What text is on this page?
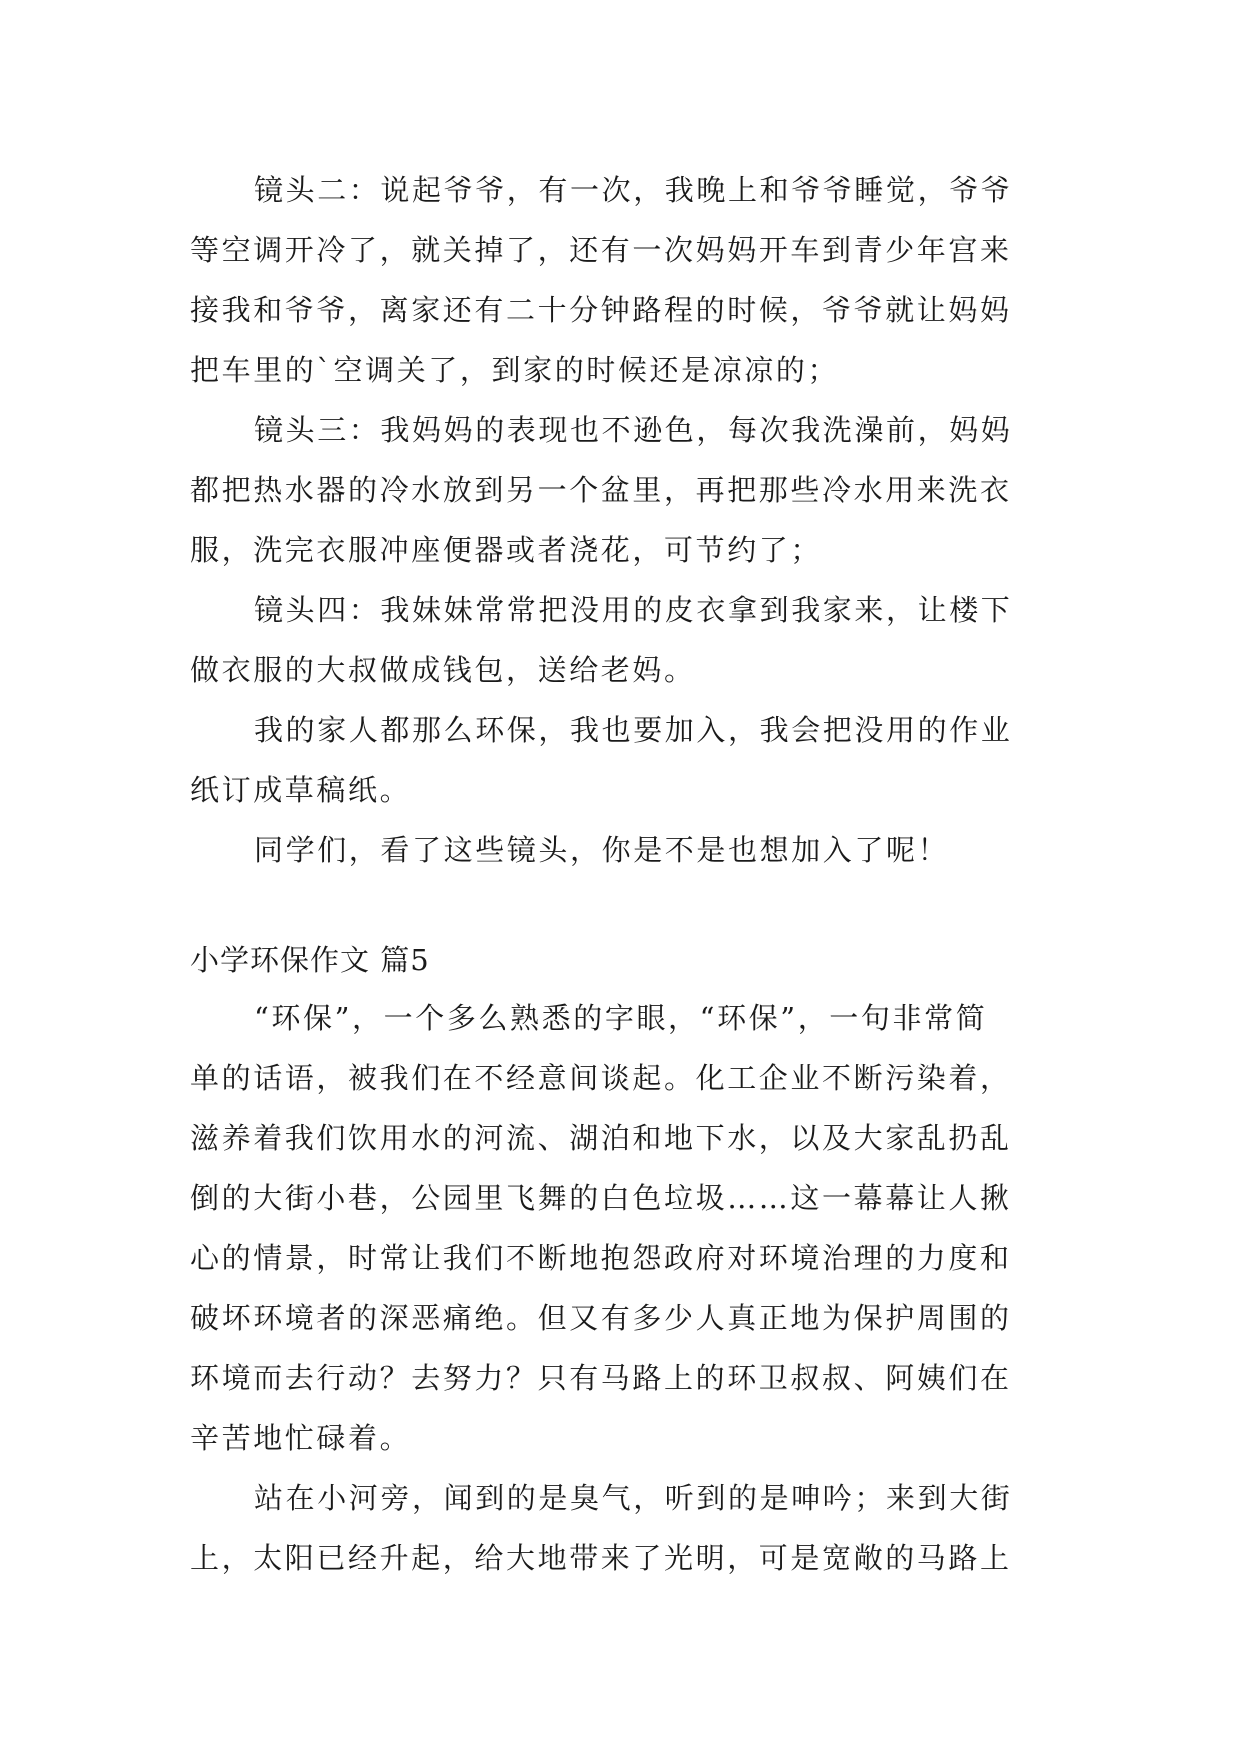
镜头二：说起爷爷，有一次，我晚上和爷爷睡觉，爷爷
等空调开冷了，就关掉了，还有一次妈妈开车到青少年宫来
接我和爷爷，离家还有二十分钟路程的时候，爷爷就让妈妈
把车里的`空调关了，到家的时候还是凉凉的；
镜头三：我妈妈的表现也不逊色，每次我洗澡前，妈妈
都把热水器的冷水放到另一个盆里，再把那些冷水用来洗衣
服，洗完衣服冲座便器或者浇花，可节约了；
镜头四：我妹妹常常把没用的皮衣拿到我家来，让楼下
做衣服的大叔做成钱包，送给老妈。
我的家人都那么环保，我也要加入，我会把没用的作业
纸订成草稿纸。
同学们，看了这些镜头，你是不是也想加入了呢！
小学环保作文 篇5
“环保”，一个多么熟悉的字眼，“环保”，一句非常简
单的话语，被我们在不经意间谈起。化工企业不断污染着，
滋养着我们饮用水的河流、湖泊和地下水，以及大家乱扔乱
倒的大街小巷，公园里飞舞的白色垃圾……这一幕幕让人揪
心的情景，时常让我们不断地抱怨政府对环境治理的力度和
破坏环境者的深恶痛绝。但又有多少人真正地为保护周围的
环境而去行动？去努力？只有马路上的环卫叔叔、阿姨们在
辛苦地忙碌着。
站在小河旁，闻到的是臭气，听到的是呻吟；来到大街
上，太阳已经升起，给大地带来了光明，可是宽敞的马路上
